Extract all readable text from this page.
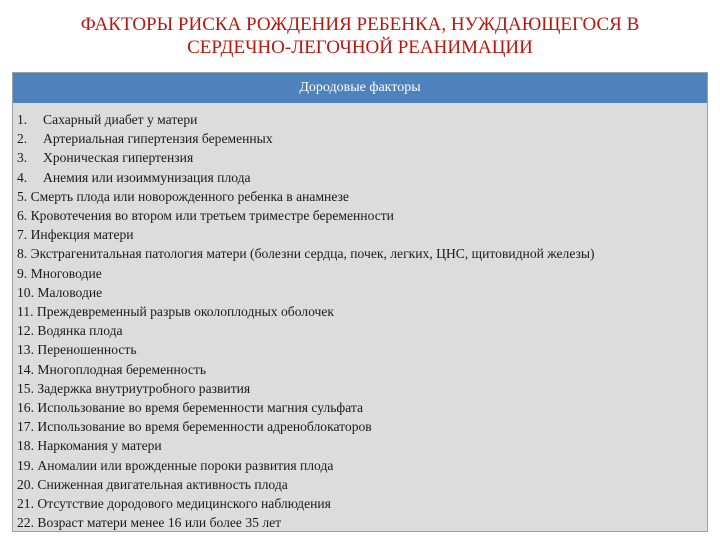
ФАКТОРЫ РИСКА РОЖДЕНИЯ РЕБЕНКА, НУЖДАЮЩЕГОСЯ В
СЕРДЕЧНО-ЛЕГОЧНОЙ РЕАНИМАЦИИ
Дородовые факторы
1. Сахарный диабет у матери
2. Артериальная гипертензия беременных
3. Хроническая гипертензия
4. Анемия или изоиммунизация плода
5. Смерть плода или новорожденного ребенка в анамнезе
6. Кровотечения во втором или третьем триместре беременности
7. Инфекция матери
8. Экстрагенитальная патология матери (болезни сердца, почек, легких, ЦНС, щитовидной железы)
9. Многоводие
10. Маловодие
11. Преждевременный разрыв околоплодных оболочек
12. Водянка плода
13. Переношенность
14. Многоплодная беременность
15. Задержка внутриутробного развития
16. Использование во время беременности магния сульфата
17. Использование во время беременности адреноблокаторов
18. Наркомания у матери
19. Аномалии или врожденные пороки развития плода
20. Сниженная двигательная активность плода
21. Отсутствие дородового медицинского наблюдения
22. Возраст матери менее 16 или более 35 лет
